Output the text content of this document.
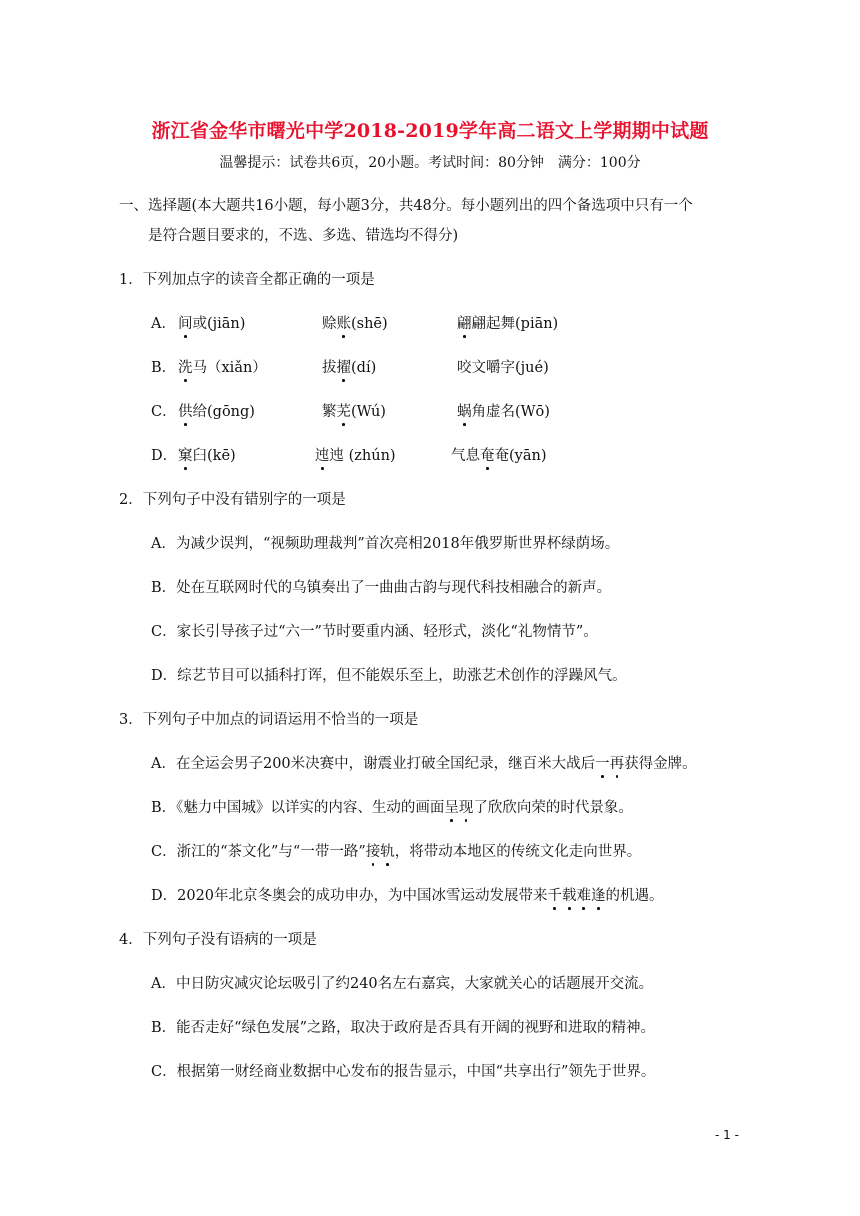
浙江省金华市曙光中学2018-2019学年高二语文上学期期中试题
温馨提示：试卷共6页，20小题。考试时间：80分钟　满分：100分
一、选择题(本大题共16小题，每小题3分，共48分。每小题列出的四个备选项中只有一个
是符合题目要求的，不选、多选、错选均不得分)
1．下列加点字的读音全都正确的一项是
A． 间或(jiān)	赊账(shē)	翩翩起舞(piān)
B． 洗马（xiǎn）	拔擢(dí)	咬文嚼字(jué)
C． 供给(gōng)	繁芜(Wú)	蜗角虚名(Wō)
D． 窠臼(kē)	迍迍 (zhún)	气息奄奄(yān)
2．下列句子中没有错别字的一项是
A．为减少误判，“视频助理裁判”首次亮相2018年俄罗斯世界杯绿荫场。
B．处在互联网时代的乌镇奏出了一曲曲古韵与现代科技相融合的新声。
C．家长引导孩子过“六一”节时要重内涵、轻形式，淡化“礼物情节”。
D．综艺节目可以插科打诨，但不能娱乐至上，助涨艺术创作的浮躁风气。
3．下列句子中加点的词语运用不恰当的一项是
A．在全运会男子200米决赛中，谢震业打破全国纪录，继百米大战后一再获得金牌。
B．《魅力中国城》以详实的内容、生动的画面呈现了欣欣向荣的时代景象。
C．浙江的“茶文化”与“一带一路”接轨，将带动本地区的传统文化走向世界。
D．2020年北京冬奥会的成功申办，为中国冰雪运动发展带来千载难逢的机遇。
4．下列句子没有语病的一项是
A．中日防灾减灾论坛吸引了约240名左右嘉宾，大家就关心的话题展开交流。
B．能否走好“绿色发展”之路，取决于政府是否具有开阔的视野和进取的精神。
C．根据第一财经商业数据中心发布的报告显示，中国“共享出行”领先于世界。
- 1 -
